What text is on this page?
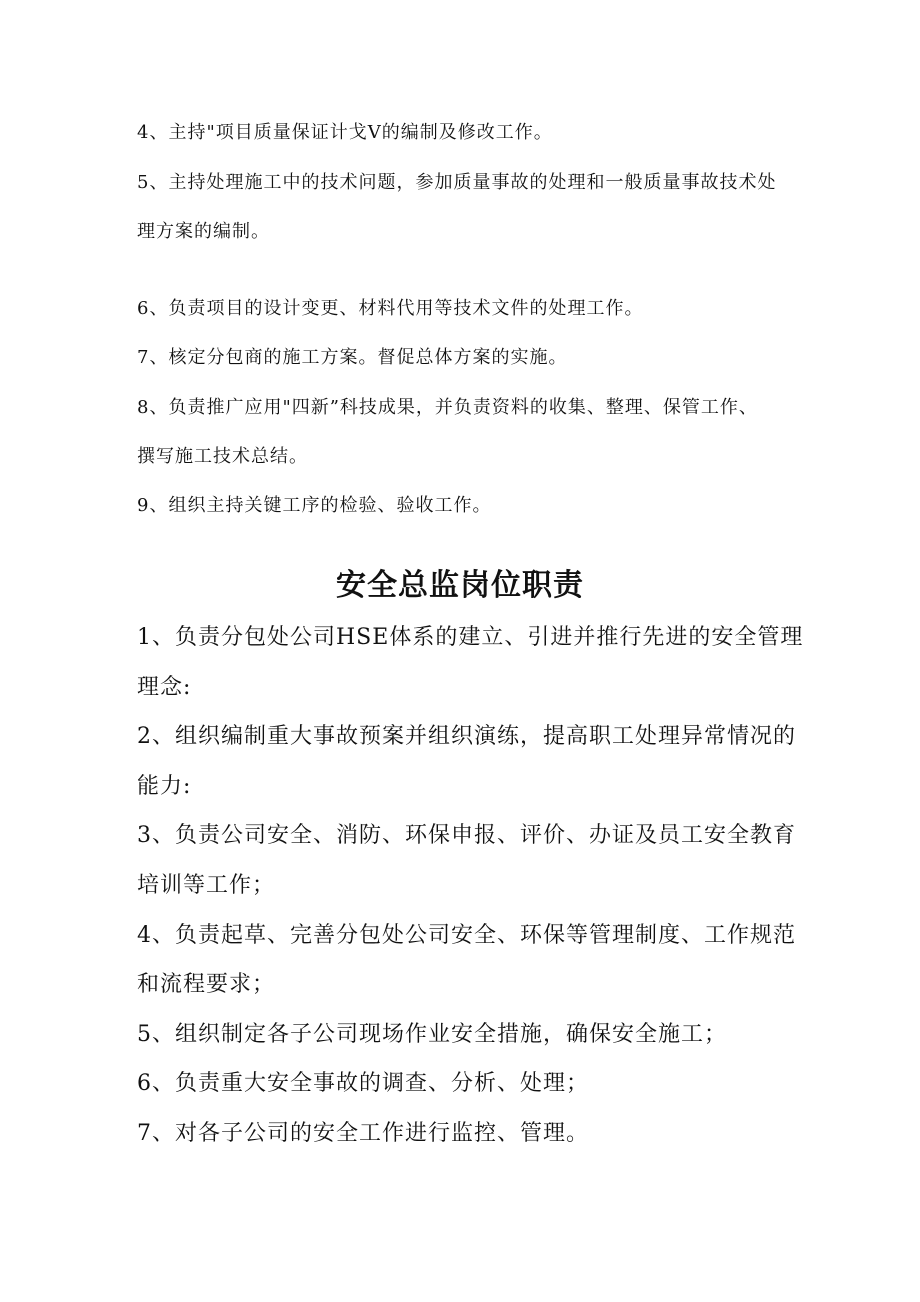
4、主持"项目质量保证计戈V的编制及修改工作。

5、主持处理施工中的技术问题，参加质量事故的处理和一般质量事故技术处

理方案的编制。

6、负责项目的设计变更、材料代用等技术文件的处理工作。

7、核定分包商的施工方案。督促总体方案的实施。

8、负责推广应用"四新”科技成果，并负责资料的收集、整理、保管工作、

撰写施工技术总结。

9、组织主持关键工序的检验、验收工作。

安全总监岗位职责

1、负责分包处公司HSE体系的建立、引进并推行先进的安全管理

理念:

2、组织编制重大事故预案并组织演练，提高职工处理异常情况的

能力:

3、负责公司安全、消防、环保申报、评价、办证及员工安全教育

培训等工作；

4、负责起草、完善分包处公司安全、环保等管理制度、工作规范

和流程要求；

5、组织制定各子公司现场作业安全措施，确保安全施工；

6、负责重大安全事故的调查、分析、处理；

7、对各子公司的安全工作进行监控、管理。
